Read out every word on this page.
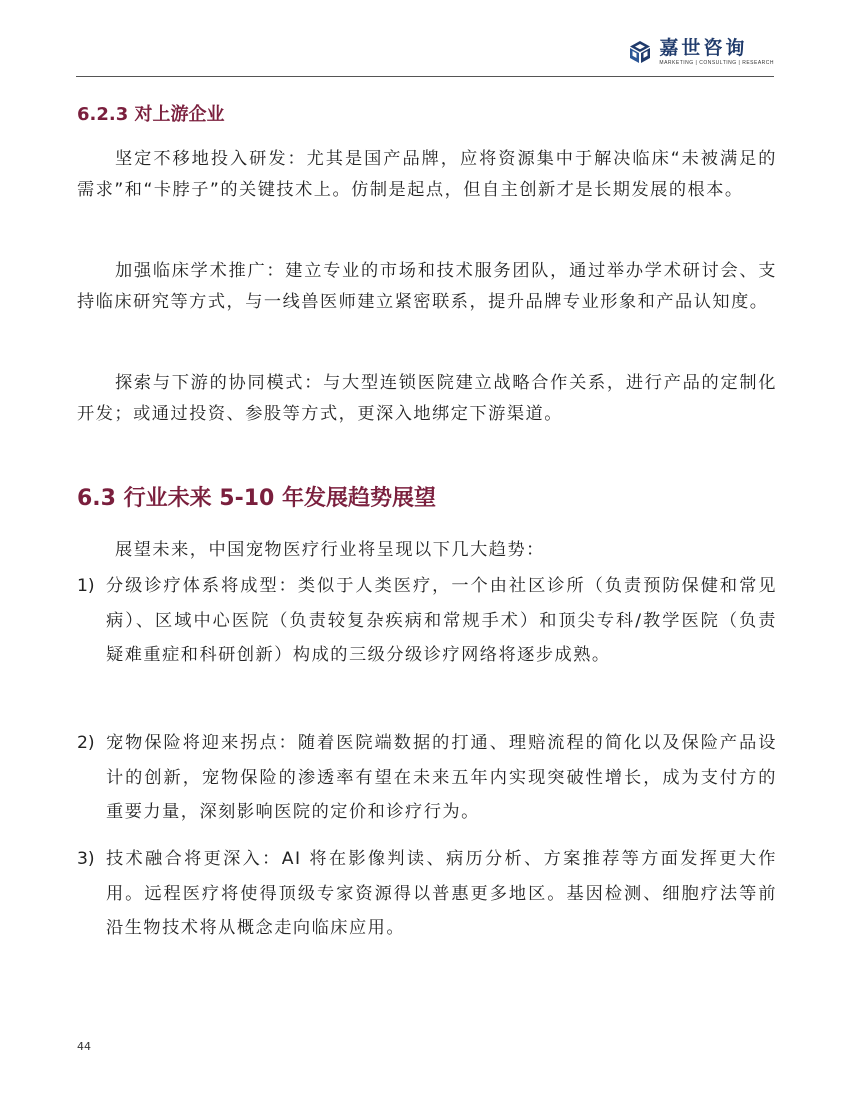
嘉世咨询
MARKETING | CONSULTING | RESEARCH
6.2.3 对上游企业

坚定不移地投入研发：尤其是国产品牌，应将资源集中于解决临床“未被满足的需求”和“卡脖子”的关键技术上。仿制是起点，但自主创新才是长期发展的根本。

加强临床学术推广：建立专业的市场和技术服务团队，通过举办学术研讨会、支持临床研究等方式，与一线兽医师建立紧密联系，提升品牌专业形象和产品认知度。

探索与下游的协同模式：与大型连锁医院建立战略合作关系，进行产品的定制化开发；或通过投资、参股等方式，更深入地绑定下游渠道。

6.3 行业未来 5-10 年发展趋势展望

展望未来，中国宠物医疗行业将呈现以下几大趋势：

1) 分级诊疗体系将成型：类似于人类医疗，一个由社区诊所（负责预防保健和常见病）、区域中心医院（负责较复杂疾病和常规手术）和顶尖专科/教学医院（负责疑难重症和科研创新）构成的三级分级诊疗网络将逐步成熟。
2) 宠物保险将迎来拐点：随着医院端数据的打通、理赔流程的简化以及保险产品设计的创新，宠物保险的渗透率有望在未来五年内实现突破性增长，成为支付方的重要力量，深刻影响医院的定价和诊疗行为。
3) 技术融合将更深入：AI 将在影像判读、病历分析、方案推荐等方面发挥更大作用。远程医疗将使得顶级专家资源得以普惠更多地区。基因检测、细胞疗法等前沿生物技术将从概念走向临床应用。
44
